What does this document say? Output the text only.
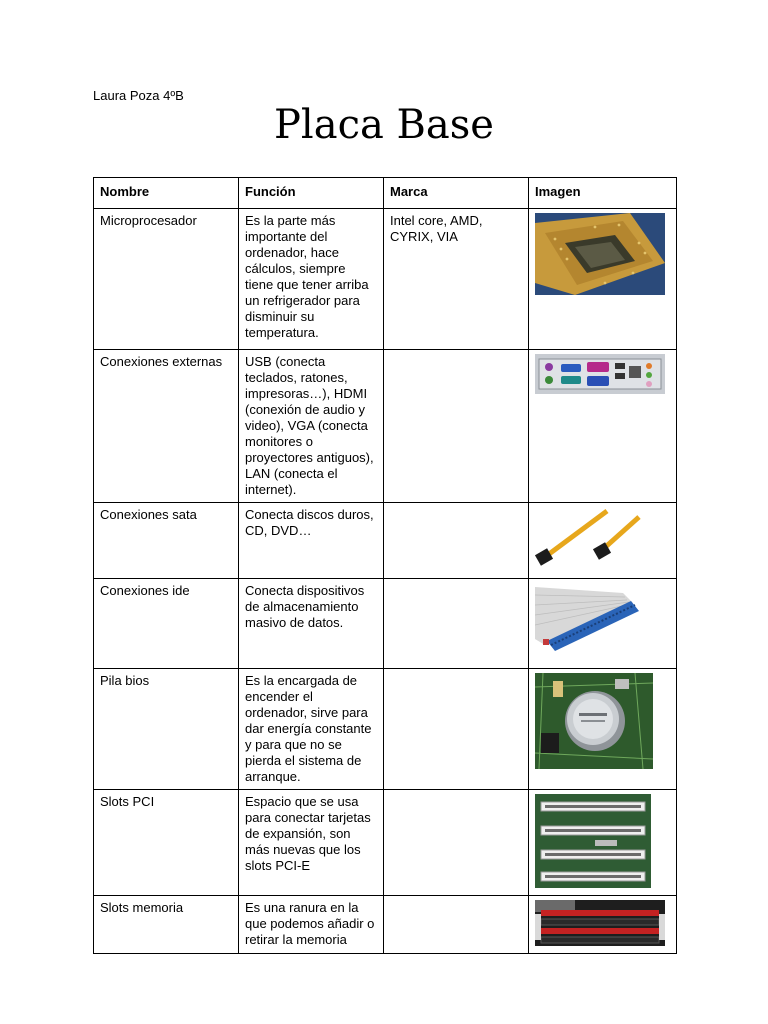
Laura Poza 4ºB
Placa Base
Nombre	Función	Marca	Imagen
Microprocesador	Es la parte más importante del ordenador, hace cálculos, siempre tiene que tener arriba un refrigerador para disminuir su temperatura.	Intel core, AMD, CYRIX, VIA	

Conexiones externas	USB (conecta teclados, ratones, impresoras…), HDMI (conexión de audio y video), VGA (conecta monitores o proyectores antiguos), LAN (conecta el internet).		

Conexiones sata	Conecta discos duros, CD, DVD…		

Conexiones ide	Conecta dispositivos de almacenamiento masivo de datos.		

Pila bios	Es la encargada de encender el ordenador, sirve para dar energía constante y para que no se pierda el sistema de arranque.		

Slots PCI	Espacio que se usa para conectar tarjetas de expansión, son más nuevas que los slots PCI-E		

Slots memoria	Es una ranura en la que podemos añadir o retirar la memoria		
